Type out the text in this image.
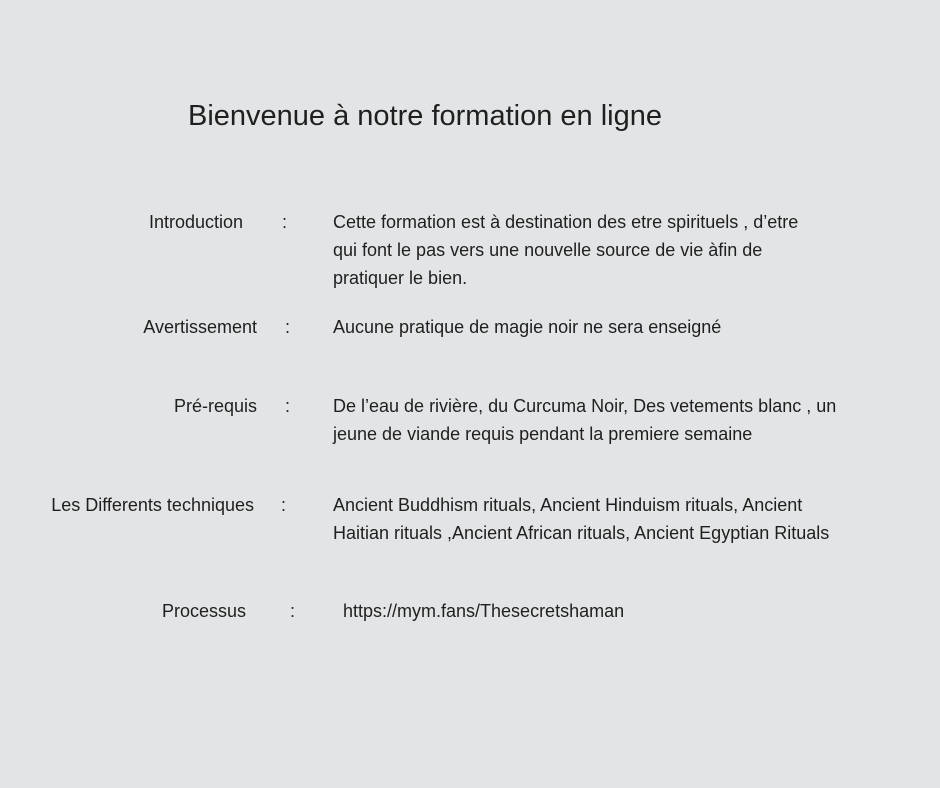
Bienvenue à notre formation en ligne
Introduction :	Cette formation est à destination des etre spirituels , d’etre
qui font le pas vers une nouvelle source de vie àfin de
pratiquer le bien.
Avertissement : Aucune pratique de magie noir ne sera enseigné
Pré-requis : De l’eau de rivière, du Curcuma Noir, Des vetements blanc , un
jeune de viande requis pendant la premiere semaine
Les Differents techniques :	Ancient Buddhism rituals, Ancient Hinduism rituals, Ancient
Haitian rituals ,Ancient African rituals, Ancient Egyptian Rituals
Processus :	https://mym.fans/Thesecretshaman
